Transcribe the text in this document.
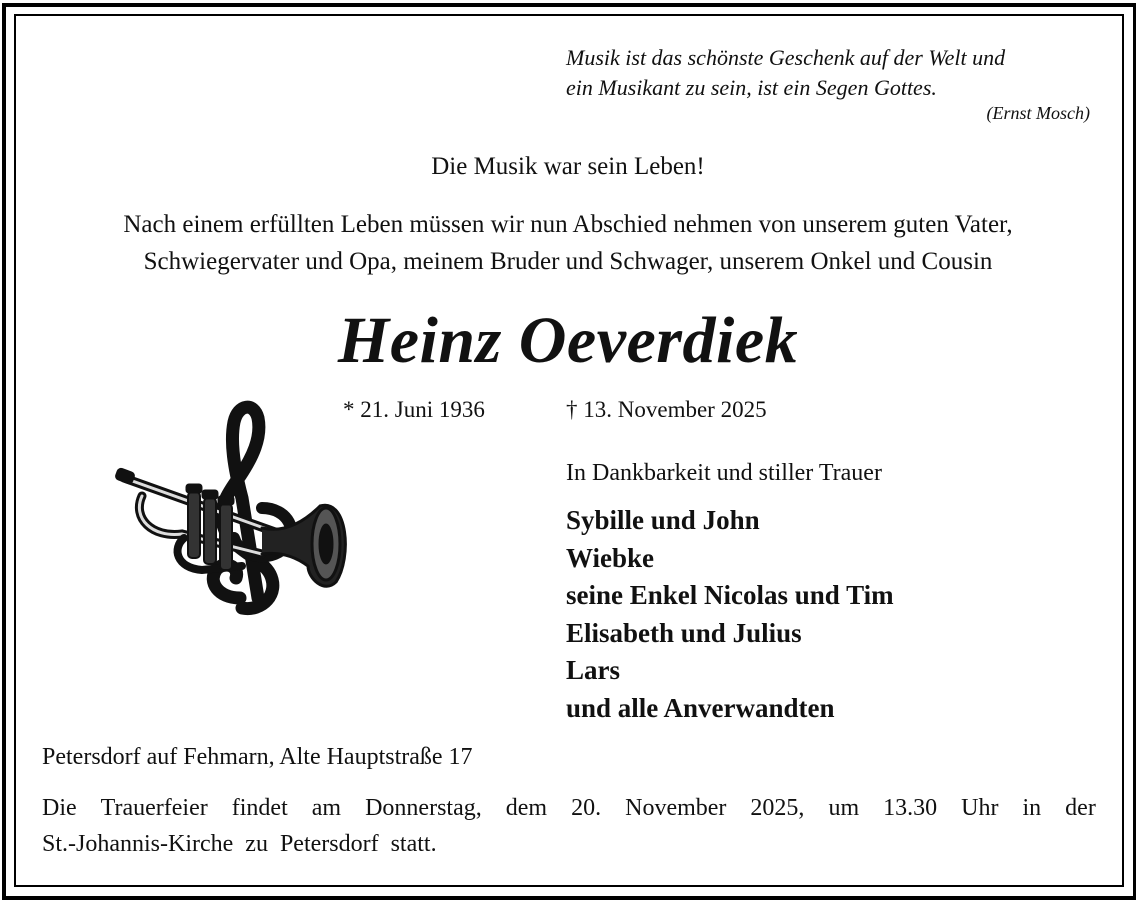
Musik ist das schönste Geschenk auf der Welt und
ein Musikant zu sein, ist ein Segen Gottes.
(Ernst Mosch)
Die Musik war sein Leben!
Nach einem erfüllten Leben müssen wir nun Abschied nehmen von unserem guten Vater,
Schwiegervater und Opa, meinem Bruder und Schwager, unserem Onkel und Cousin
Heinz Oeverdiek
* 21. Juni 1936	† 13. November 2025
In Dankbarkeit und stiller Trauer
Sybille und John
Wiebke
seine Enkel Nicolas und Tim
Elisabeth und Julius
Lars
und alle Anverwandten
Petersdorf auf Fehmarn, Alte Hauptstraße 17
Die Trauerfeier findet am Donnerstag, dem 20. November 2025, um 13.30 Uhr in der
St.-Johannis-Kirche zu Petersdorf statt.
